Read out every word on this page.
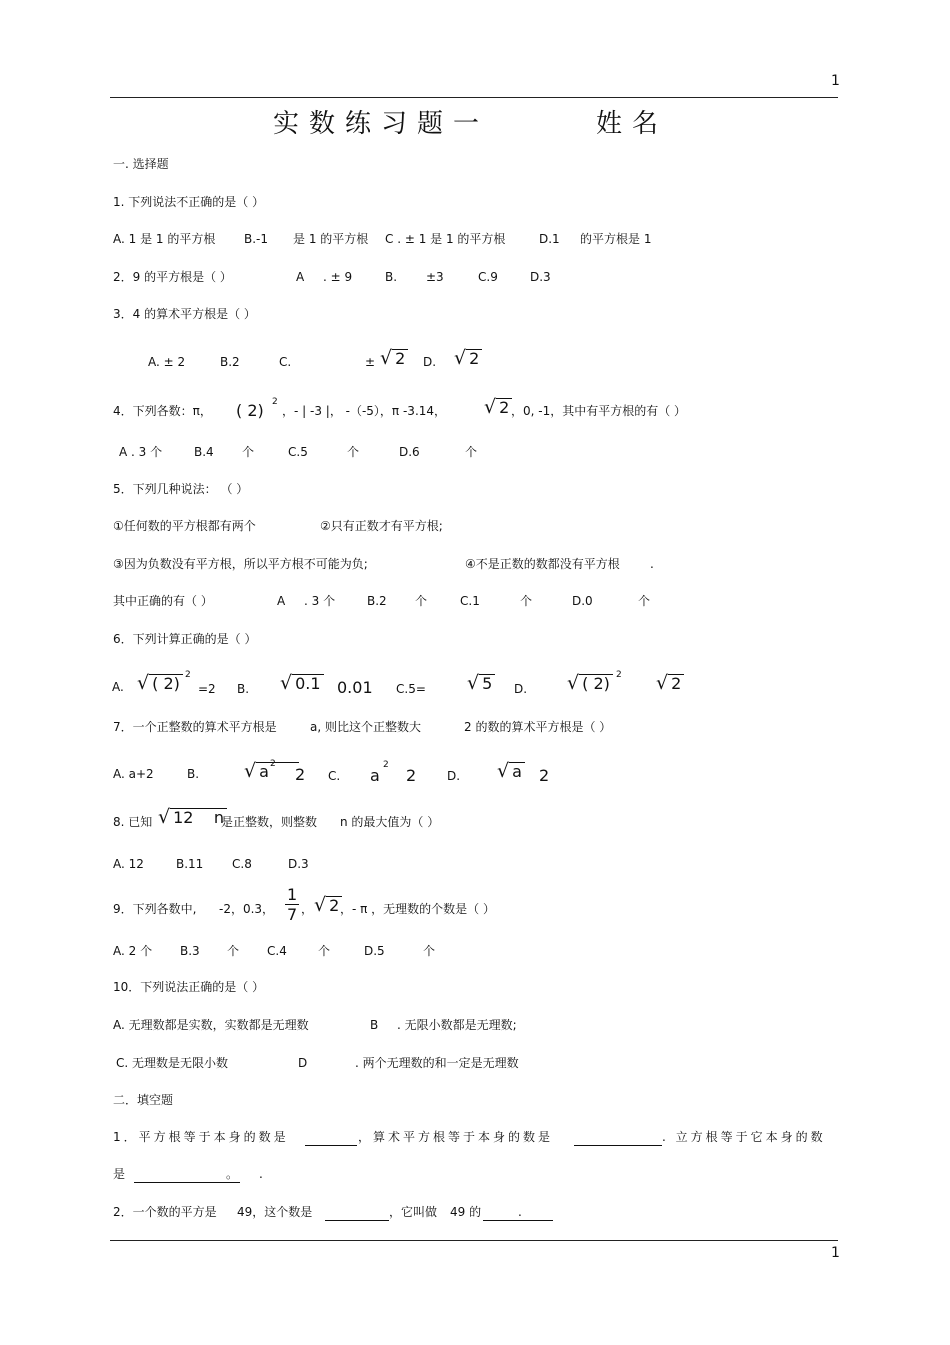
1
实数练习题一	姓名
一. 选择题
1. 下列说法不正确的是（ ）
A. 1 是 1 的平方根 B.-1 是 1 的平方根 C . ± 1 是 1 的平方根	D.1 的平方根是 1
2．9 的平方根是（ ）	A . ± 9	B. ±3	C.9	D.3
3．4 的算术平方根是（ ）
A. ± 2	B.2	C.	± √ 2 D. √ 2
4．下列各数：π， ( 2) 2
，- | -3 |， -（-5），π -3.14， √ 2 ，0, -1，其中有平方根的有（ ）
A . 3 个	B.4 个	C.5	个	D.6	个
5．下列几种说法： （ ）
①任何数的平方根都有两个	②只有正数才有平方根;
③因为负数没有平方根，所以平方根不可能为负;	④不是正数的数都没有平方根	.
其中正确的有（ ）	A . 3 个	B.2 个	C.1	个	D.0	个
6．下列计算正确的是（ ）
A. √ ( 2) 2
=2 B. √ 0.1 0.01 C.5= √ 5 D. √ ( 2) 2 √ 2
7．一个正整数的算术平方根是	a, 则比这个正整数大	2 的数的算术平方根是（ ）
A. a+2	B. √ a 2
2 C. a
2
2	D. √ a 2
8. 已知 √ 12    n
是正整数，则整数 n 的最大值为（ ）
A. 12	B.11 C.8	D.3
9．下列各数中, -2，0.3， $\frac{1}{7}$ ， √ 2 ，- π ，无理数的个数是（ ）
A. 2 个 B.3 个 C.4	个	D.5	个
10．下列说法正确的是（ ）
A. 无理数都是实数，实数都是无理数	B . 无限小数都是无理数;
C. 无理数是无限小数	D	. 两个无理数的和一定是无理数
二．填空题
1．平方根等于本身的数是	，算术平方根等于本身的数是	. 立方根等于它本身的数
是	。 .
2．一个数的平方是 49，这个数是	，它叫做 49 的	.
1
